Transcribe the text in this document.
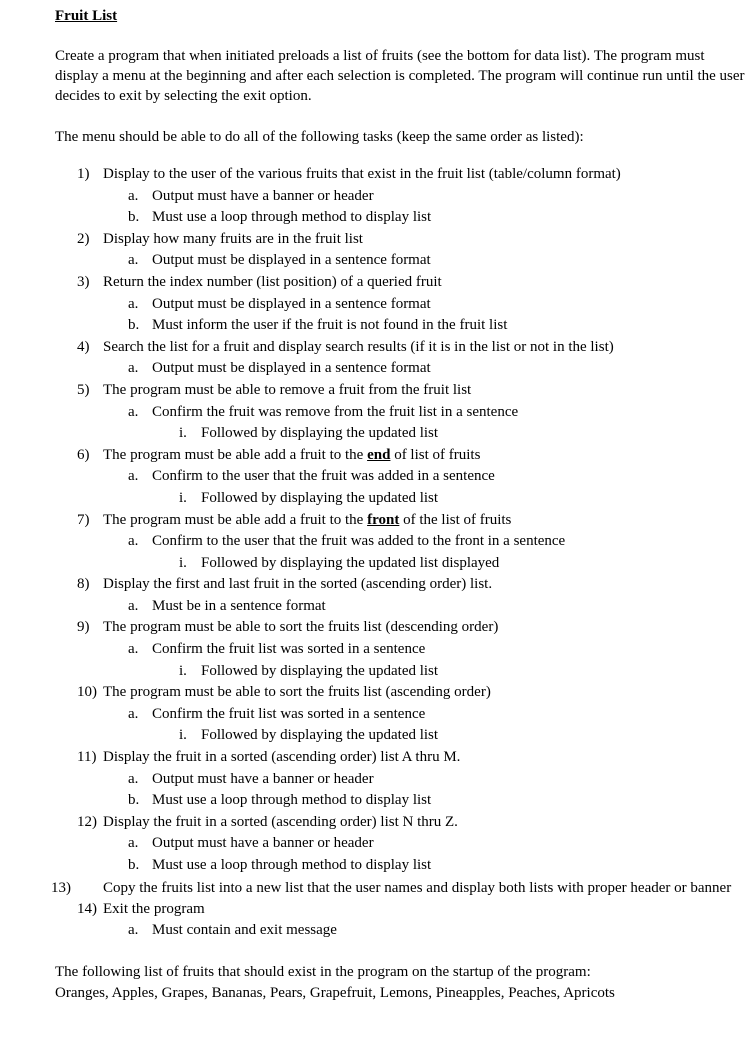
Fruit List

Create a program that when initiated preloads a list of fruits (see the bottom for data list). The program must display a menu at the beginning and after each selection is completed. The program will continue run until the user decides to exit by selecting the exit option.

The menu should be able to do all of the following tasks (keep the same order as listed):

1) Display to the user of the various fruits that exist in the fruit list (table/column format)
a. Output must have a banner or header
b. Must use a loop through method to display list
2) Display how many fruits are in the fruit list
a. Output must be displayed in a sentence format
3) Return the index number (list position) of a queried fruit
a. Output must be displayed in a sentence format
b. Must inform the user if the fruit is not found in the fruit list
4) Search the list for a fruit and display search results (if it is in the list or not in the list)
a. Output must be displayed in a sentence format
5) The program must be able to remove a fruit from the fruit list
a. Confirm the fruit was remove from the fruit list in a sentence
i. Followed by displaying the updated list
6) The program must be able add a fruit to the end of list of fruits
a. Confirm to the user that the fruit was added in a sentence
i. Followed by displaying the updated list
7) The program must be able add a fruit to the front of the list of fruits
a. Confirm to the user that the fruit was added to the front in a sentence
i. Followed by displaying the updated list displayed
8) Display the first and last fruit in the sorted (ascending order) list.
a. Must be in a sentence format
9) The program must be able to sort the fruits list (descending order)
a. Confirm the fruit list was sorted in a sentence
i. Followed by displaying the updated list
10) The program must be able to sort the fruits list (ascending order)
a. Confirm the fruit list was sorted in a sentence
i. Followed by displaying the updated list
11) Display the fruit in a sorted (ascending order) list A thru M.
a. Output must have a banner or header
b. Must use a loop through method to display list
12) Display the fruit in a sorted (ascending order) list N thru Z.
a. Output must have a banner or header
b. Must use a loop through method to display list
13) Copy the fruits list into a new list that the user names and display both lists with proper header or banner
14) Exit the program
a. Must contain and exit message
The following list of fruits that should exist in the program on the startup of the program:
Oranges, Apples, Grapes, Bananas, Pears, Grapefruit, Lemons, Pineapples, Peaches, Apricots
